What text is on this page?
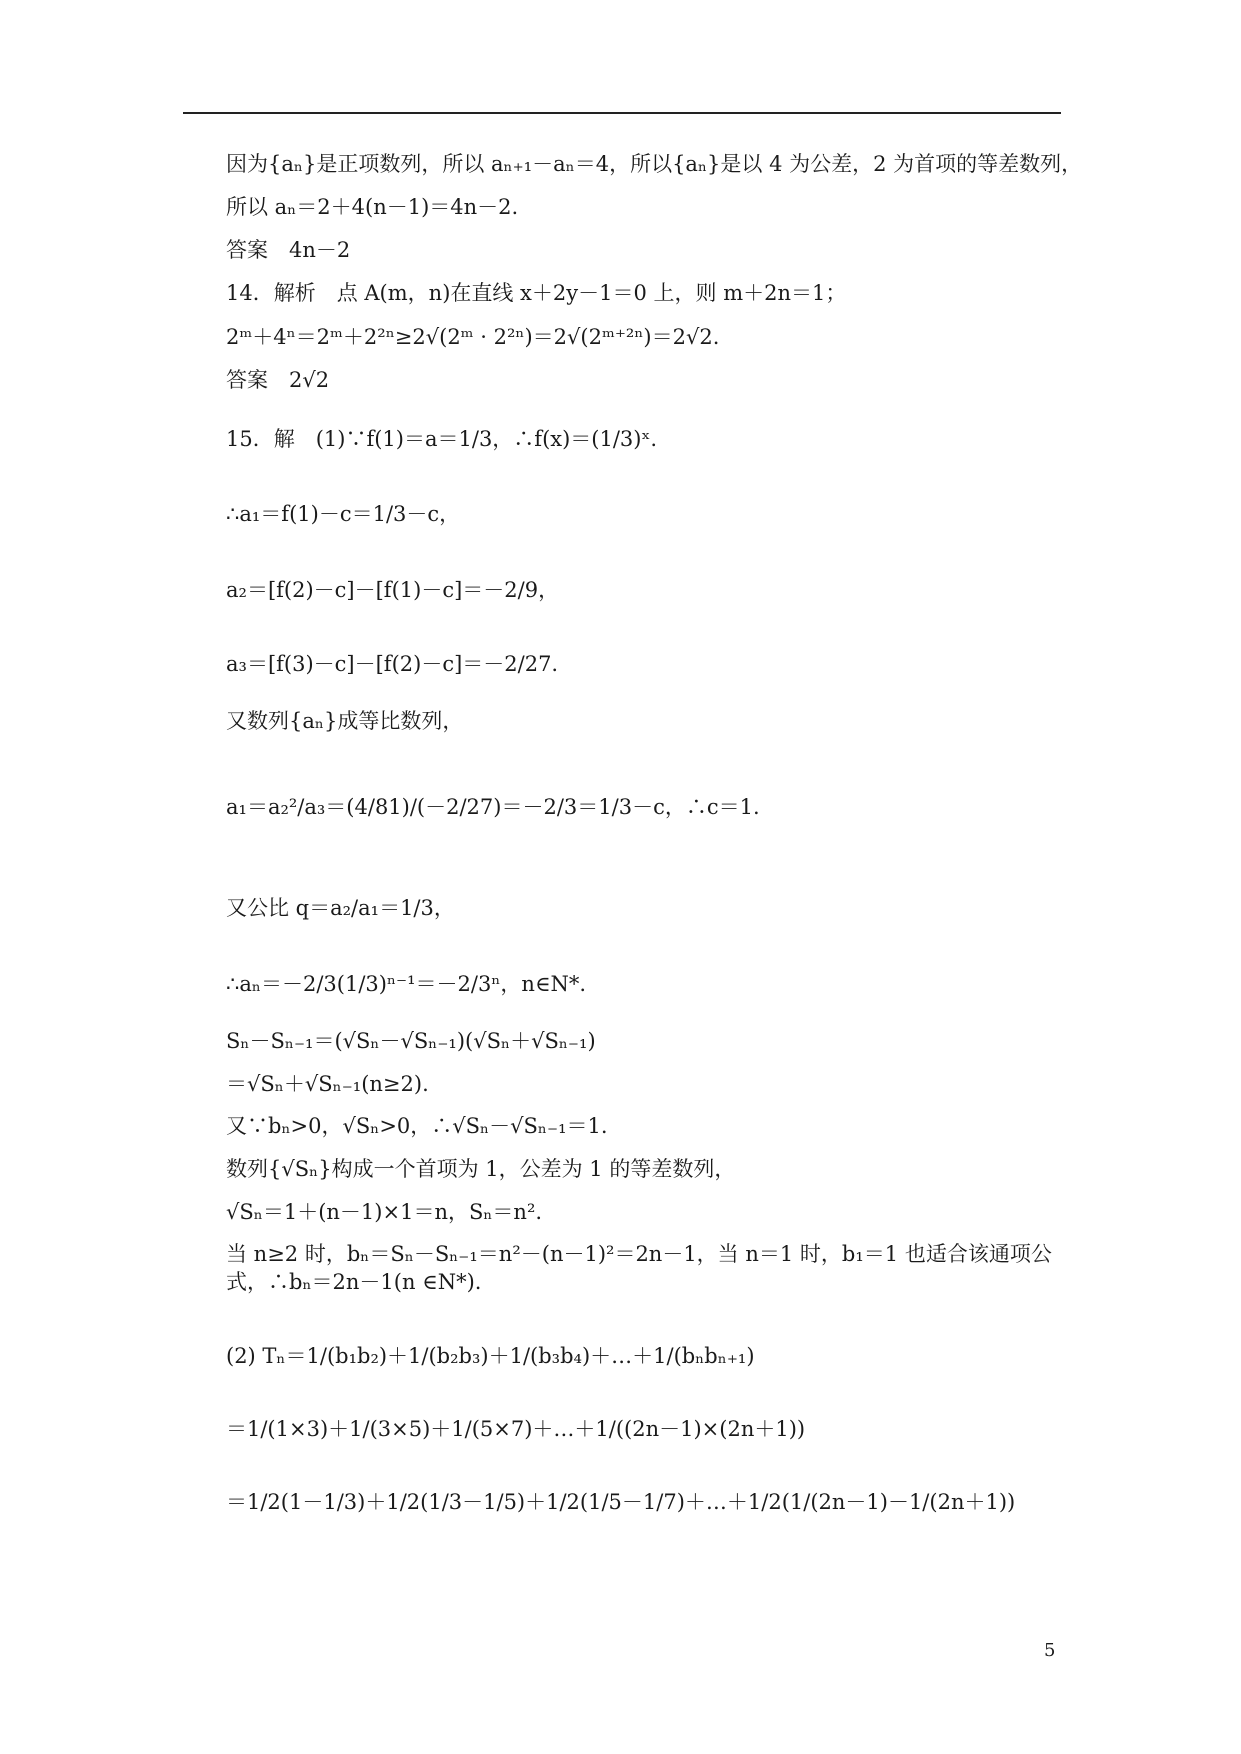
因为{aₙ}是正项数列，所以 aₙ₊₁－aₙ＝4，所以{aₙ}是以 4 为公差，2 为首项的等差数列，
所以 aₙ＝2＋4(n－1)＝4n－2.
答案　4n－2
14．解析　点 A(m，n)在直线 x＋2y－1＝0 上，则 m＋2n＝1；
2ᵐ＋4ⁿ＝2ᵐ＋2²ⁿ≥2√(2ᵐ · 2²ⁿ)＝2√(2ᵐ⁺²ⁿ)＝2√2.
答案　2√2
15．解　(1)∵f(1)＝a＝1/3，∴f(x)＝(1/3)ˣ.
∴a₁＝f(1)－c＝1/3－c，
a₂＝[f(2)－c]－[f(1)－c]＝－2/9，
a₃＝[f(3)－c]－[f(2)－c]＝－2/27.
又数列{aₙ}成等比数列，
a₁＝a₂²/a₃＝(4/81)/(－2/27)＝－2/3＝1/3－c，∴c＝1.
又公比 q＝a₂/a₁＝1/3，
∴aₙ＝－2/3(1/3)ⁿ⁻¹＝－2/3ⁿ，n∈N*.
Sₙ－Sₙ₋₁＝(√Sₙ－√Sₙ₋₁)(√Sₙ＋√Sₙ₋₁)
＝√Sₙ＋√Sₙ₋₁(n≥2).
又∵bₙ>0，√Sₙ>0，∴√Sₙ－√Sₙ₋₁＝1.
数列{√Sₙ}构成一个首项为 1，公差为 1 的等差数列，
√Sₙ＝1＋(n－1)×1＝n，Sₙ＝n².
当 n≥2 时，bₙ＝Sₙ－Sₙ₋₁＝n²－(n－1)²＝2n－1，当 n＝1 时，b₁＝1 也适合该通项公式，∴bₙ＝2n－1(n ∈N*).
(2) Tₙ＝1/(b₁b₂)＋1/(b₂b₃)＋1/(b₃b₄)＋…＋1/(bₙbₙ₊₁)
＝1/(1×3)＋1/(3×5)＋1/(5×7)＋…＋1/((2n－1)×(2n＋1))
＝1/2(1－1/3)＋1/2(1/3－1/5)＋1/2(1/5－1/7)＋…＋1/2(1/(2n－1)－1/(2n＋1))
5
